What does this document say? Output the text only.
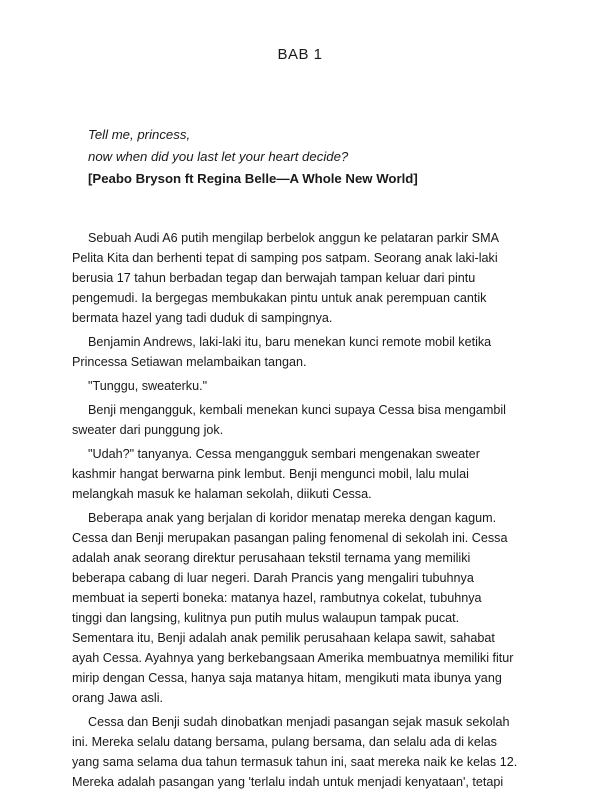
BAB 1
Tell me, princess,
now when did you last let your heart decide?
[Peabo Bryson ft Regina Belle—A Whole New World]

Sebuah Audi A6 putih mengilap berbelok anggun ke pelataran parkir SMA
Pelita Kita dan berhenti tepat di samping pos satpam. Seorang anak laki-laki
berusia 17 tahun berbadan tegap dan berwajah tampan keluar dari pintu
pengemudi. Ia bergegas membukakan pintu untuk anak perempuan cantik
bermata hazel yang tadi duduk di sampingnya.

Benjamin Andrews, laki-laki itu, baru menekan kunci remote mobil ketika
Princessa Setiawan melambaikan tangan.

"Tunggu, sweaterku."

Benji mengangguk, kembali menekan kunci supaya Cessa bisa mengambil
sweater dari punggung jok.

"Udah?" tanyanya. Cessa mengangguk sembari mengenakan sweater
kashmir hangat berwarna pink lembut. Benji mengunci mobil, lalu mulai
melangkah masuk ke halaman sekolah, diikuti Cessa.

Beberapa anak yang berjalan di koridor menatap mereka dengan kagum.
Cessa dan Benji merupakan pasangan paling fenomenal di sekolah ini. Cessa
adalah anak seorang direktur perusahaan tekstil ternama yang memiliki
beberapa cabang di luar negeri. Darah Prancis yang mengaliri tubuhnya
membuat ia seperti boneka: matanya hazel, rambutnya cokelat, tubuhnya
tinggi dan langsing, kulitnya pun putih mulus walaupun tampak pucat.
Sementara itu, Benji adalah anak pemilik perusahaan kelapa sawit, sahabat
ayah Cessa. Ayahnya yang berkebangsaan Amerika membuatnya memiliki fitur
mirip dengan Cessa, hanya saja matanya hitam, mengikuti mata ibunya yang
orang Jawa asli.

Cessa dan Benji sudah dinobatkan menjadi pasangan sejak masuk sekolah
ini. Mereka selalu datang bersama, pulang bersama, dan selalu ada di kelas
yang sama selama dua tahun termasuk tahun ini, saat mereka naik ke kelas 12.
Mereka adalah pasangan yang 'terlalu indah untuk menjadi kenyataan', tetapi
